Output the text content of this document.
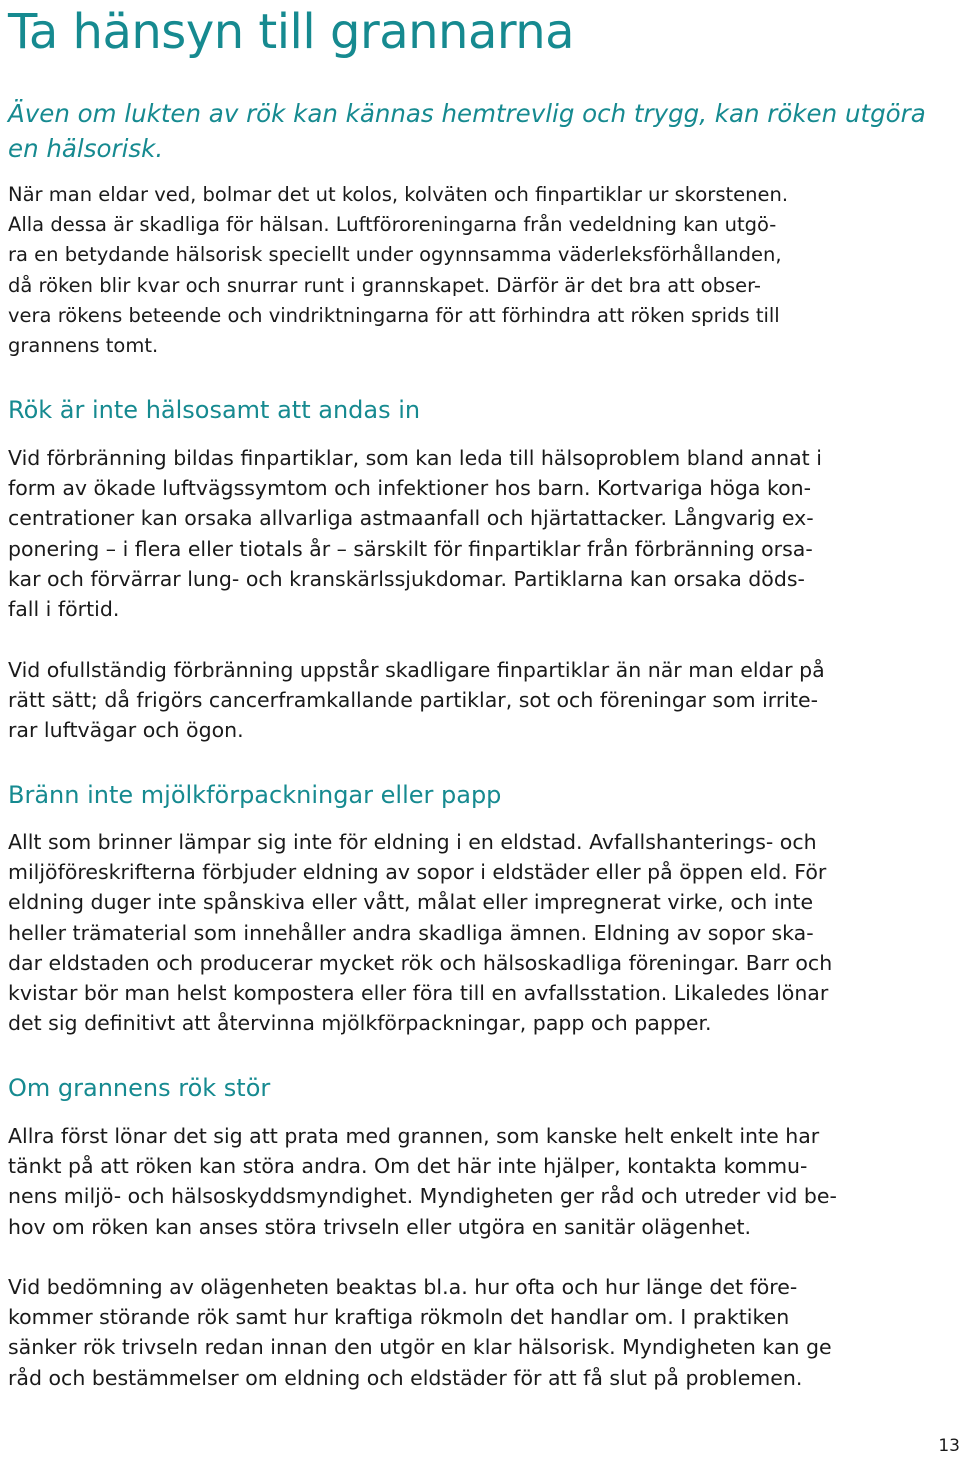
Ta hänsyn till grannarna

Även om lukten av rök kan kännas hemtrevlig och trygg, kan röken utgöra en hälsorisk.

När man eldar ved, bolmar det ut kolos, kolväten och finpartiklar ur skorstenen.
Alla dessa är skadliga för hälsan. Luftföroreningarna från vedeldning kan utgö-
ra en betydande hälsorisk speciellt under ogynnsamma väderleksförhållanden,
då röken blir kvar och snurrar runt i grannskapet. Därför är det bra att obser-
vera rökens beteende och vindriktningarna för att förhindra att röken sprids till
grannens tomt.

Rök är inte hälsosamt att andas in

Vid förbränning bildas finpartiklar, som kan leda till hälsoproblem bland annat i
form av ökade luftvägssymtom och infektioner hos barn. Kortvariga höga kon-
centrationer kan orsaka allvarliga astmaanfall och hjärtattacker. Långvarig ex-
ponering – i flera eller tiotals år – särskilt för finpartiklar från förbränning orsa-
kar och förvärrar lung- och kranskärlssjukdomar. Partiklarna kan orsaka döds-
fall i förtid.

Vid ofullständig förbränning uppstår skadligare finpartiklar än när man eldar på
rätt sätt; då frigörs cancerframkallande partiklar, sot och föreningar som irrite-
rar luftvägar och ögon.

Bränn inte mjölkförpackningar eller papp

Allt som brinner lämpar sig inte för eldning i en eldstad. Avfallshanterings- och
miljöföreskrifterna förbjuder eldning av sopor i eldstäder eller på öppen eld. För
eldning duger inte spånskiva eller vått, målat eller impregnerat virke, och inte
heller trämaterial som innehåller andra skadliga ämnen. Eldning av sopor ska-
dar eldstaden och producerar mycket rök och hälsoskadliga föreningar. Barr och
kvistar bör man helst kompostera eller föra till en avfallsstation. Likaledes lönar
det sig definitivt att återvinna mjölkförpackningar, papp och papper.

Om grannens rök stör

Allra först lönar det sig att prata med grannen, som kanske helt enkelt inte har
tänkt på att röken kan störa andra. Om det här inte hjälper, kontakta kommu-
nens miljö- och hälsoskyddsmyndighet. Myndigheten ger råd och utreder vid be-
hov om röken kan anses störa trivseln eller utgöra en sanitär olägenhet.

Vid bedömning av olägenheten beaktas bl.a. hur ofta och hur länge det före-
kommer störande rök samt hur kraftiga rökmoln det handlar om. I praktiken
sänker rök trivseln redan innan den utgör en klar hälsorisk. Myndigheten kan ge
råd och bestämmelser om eldning och eldstäder för att få slut på problemen.

13
